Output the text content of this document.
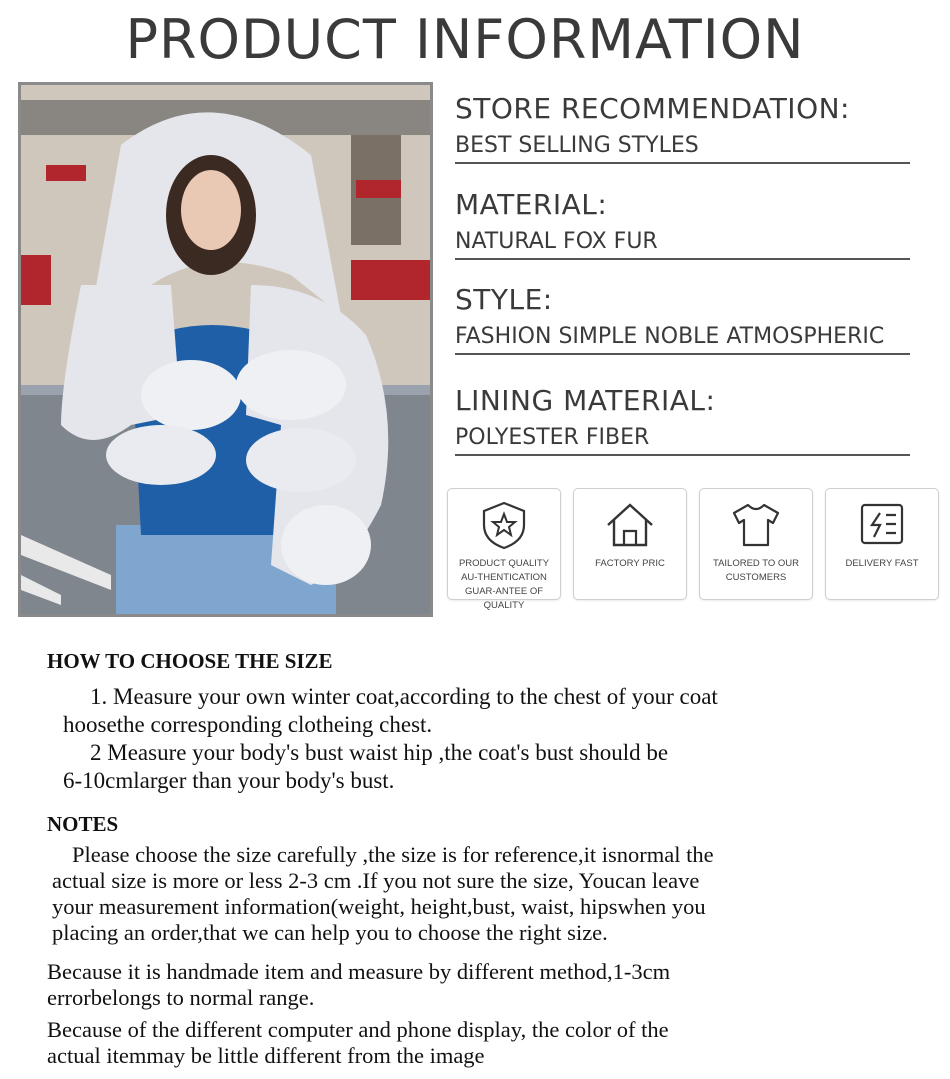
PRODUCT INFORMATION
STORE RECOMMENDATION:
BEST SELLING STYLES
MATERIAL:
NATURAL FOX FUR
STYLE:
FASHION SIMPLE NOBLE ATMOSPHERIC
LINING MATERIAL:
POLYESTER FIBER
PRODUCT QUALITY AU-THENTICATION GUAR-ANTEE OF QUALITY
FACTORY PRIC	TAILORED TO OUR CUSTOMERS
DELIVERY FAST
HOW TO CHOOSE THE SIZE
1. Measure your own winter coat,according to the chest of your coat
hoosethe corresponding clotheing chest.
2 Measure your body's bust waist hip ,the coat's bust should be
6-10cmlarger than your body's bust.
NOTES
Please choose the size carefully ,the size is for reference,it isnormal the
actual size is more or less 2-3 cm .If you not sure the size, Youcan leave
your measurement information(weight, height,bust, waist, hipswhen you
placing an order,that we can help you to choose the right size.
Because it is handmade item and measure by different method,1-3cm
errorbelongs to normal range.
Because of the different computer and phone display, the color of the
actual itemmay be little different from the image
